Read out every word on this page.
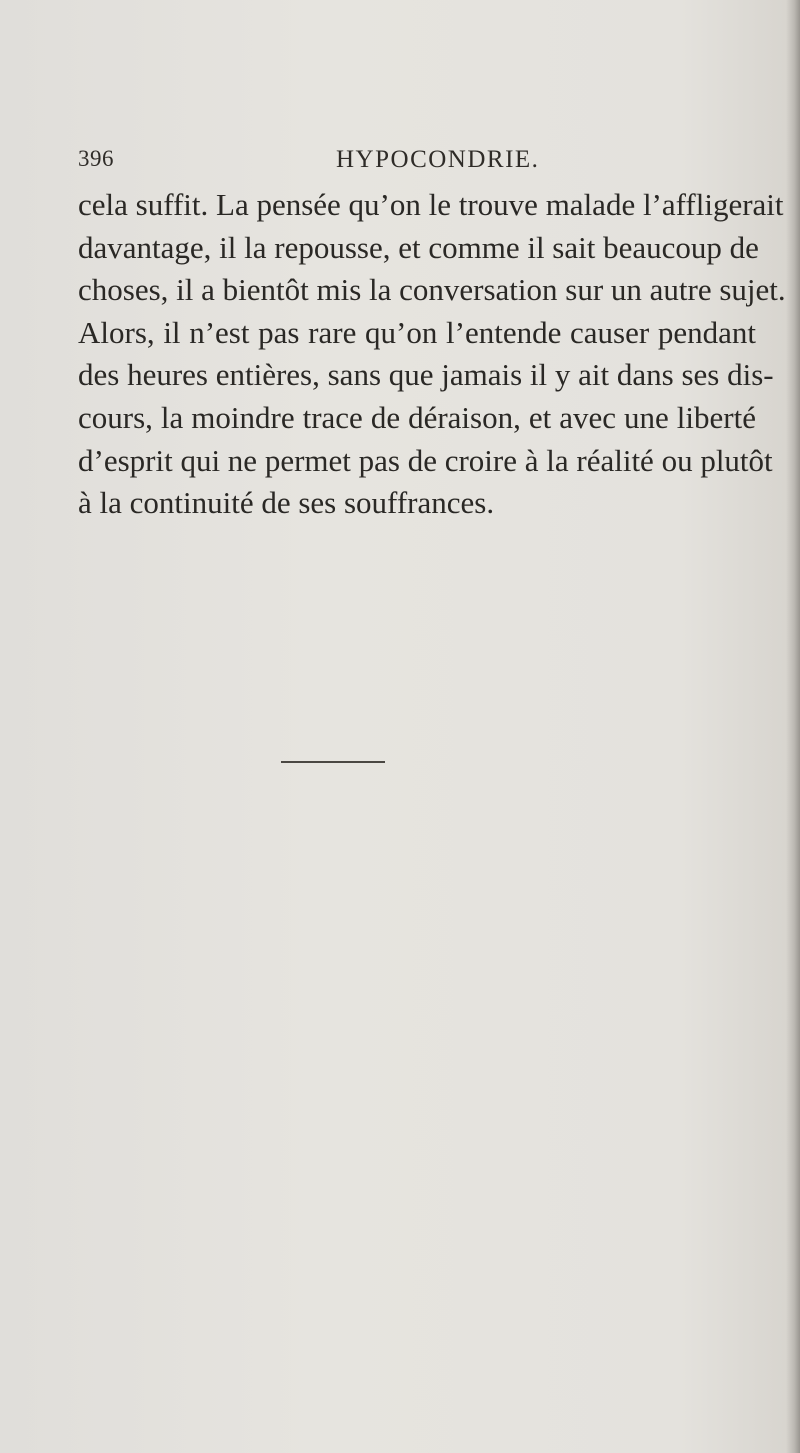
396	HYPOCONDRIE.
cela suffit. La pensée qu’on le trouve malade l’affligerait
davantage, il la repousse, et comme il sait beaucoup de
choses, il a bientôt mis la conversation sur un autre sujet.
Alors, il n’est pas rare qu’on l’entende causer pendant
des heures entières, sans que jamais il y ait dans ses dis-
cours, la moindre trace de déraison, et avec une liberté
d’esprit qui ne permet pas de croire à la réalité ou plutôt
à la continuité de ses souffrances.
